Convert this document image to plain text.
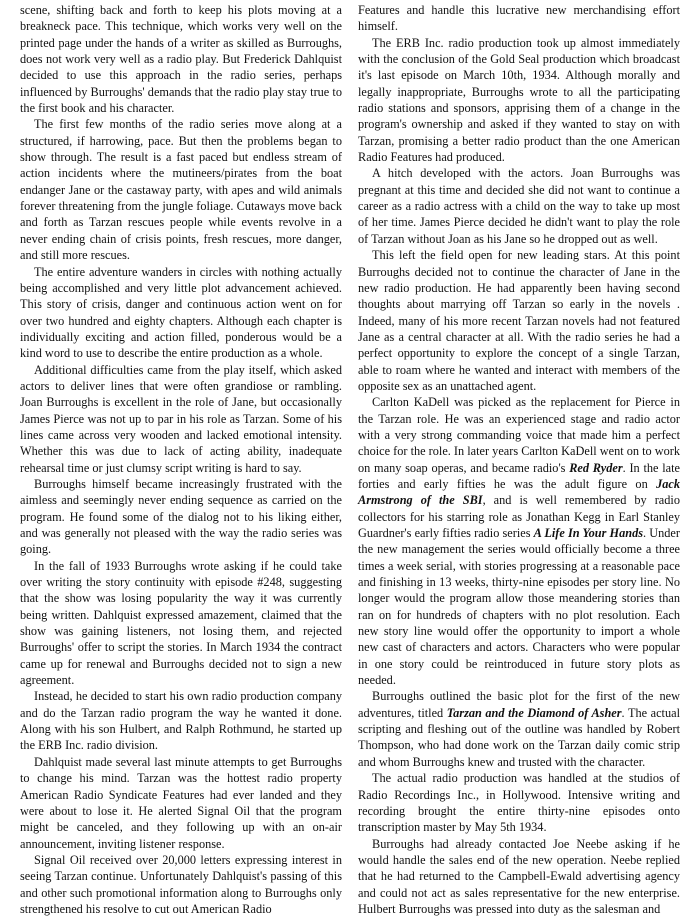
scene, shifting back and forth to keep his plots moving at a breakneck pace. This technique, which works very well on the printed page under the hands of a writer as skilled as Burroughs, does not work very well as a radio play. But Frederick Dahlquist decided to use this approach in the radio series, perhaps influenced by Burroughs' demands that the radio play stay true to the first book and his character.

The first few months of the radio series move along at a structured, if harrowing, pace. But then the problems began to show through. The result is a fast paced but endless stream of action incidents where the mutineers/pirates from the boat endanger Jane or the castaway party, with apes and wild animals forever threatening from the jungle foliage. Cutaways move back and forth as Tarzan rescues people while events revolve in a never ending chain of crisis points, fresh rescues, more danger, and still more rescues.

The entire adventure wanders in circles with nothing actually being accomplished and very little plot advancement achieved. This story of crisis, danger and continuous action went on for over two hundred and eighty chapters. Although each chapter is individually exciting and action filled, ponderous would be a kind word to use to describe the entire production as a whole.

Additional difficulties came from the play itself, which asked actors to deliver lines that were often grandiose or rambling. Joan Burroughs is excellent in the role of Jane, but occasionally James Pierce was not up to par in his role as Tarzan. Some of his lines came across very wooden and lacked emotional intensity. Whether this was due to lack of acting ability, inadequate rehearsal time or just clumsy script writing is hard to say.

Burroughs himself became increasingly frustrated with the aimless and seemingly never ending sequence as carried on the program. He found some of the dialog not to his liking either, and was generally not pleased with the way the radio series was going.

In the fall of 1933 Burroughs wrote asking if he could take over writing the story continuity with episode #248, suggesting that the show was losing popularity the way it was currently being written. Dahlquist expressed amazement, claimed that the show was gaining listeners, not losing them, and rejected Burroughs' offer to script the stories. In March 1934 the contract came up for renewal and Burroughs decided not to sign a new agreement.

Instead, he decided to start his own radio production company and do the Tarzan radio program the way he wanted it done. Along with his son Hulbert, and Ralph Rothmund, he started up the ERB Inc. radio division.

Dahlquist made several last minute attempts to get Burroughs to change his mind. Tarzan was the hottest radio property American Radio Syndicate Features had ever landed and they were about to lose it. He alerted Signal Oil that the program might be canceled, and they following up with an on-air announcement, inviting listener response.

Signal Oil received over 20,000 letters expressing interest in seeing Tarzan continue. Unfortunately Dahlquist's passing of this and other such promotional information along to Burroughs only strengthened his resolve to cut out American Radio

Features and handle this lucrative new merchandising effort himself.

The ERB Inc. radio production took up almost immediately with the conclusion of the Gold Seal production which broadcast it's last episode on March 10th, 1934. Although morally and legally inappropriate, Burroughs wrote to all the participating radio stations and sponsors, apprising them of a change in the program's ownership and asked if they wanted to stay on with Tarzan, promising a better radio product than the one American Radio Features had produced.

A hitch developed with the actors. Joan Burroughs was pregnant at this time and decided she did not want to continue a career as a radio actress with a child on the way to take up most of her time. James Pierce decided he didn't want to play the role of Tarzan without Joan as his Jane so he dropped out as well.

This left the field open for new leading stars. At this point Burroughs decided not to continue the character of Jane in the new radio production. He had apparently been having second thoughts about marrying off Tarzan so early in the novels . Indeed, many of his more recent Tarzan novels had not featured Jane as a central character at all. With the radio series he had a perfect opportunity to explore the concept of a single Tarzan, able to roam where he wanted and interact with members of the opposite sex as an unattached agent.

Carlton KaDell was picked as the replacement for Pierce in the Tarzan role. He was an experienced stage and radio actor with a very strong commanding voice that made him a perfect choice for the role. In later years Carlton KaDell went on to work on many soap operas, and became radio's Red Ryder. In the late forties and early fifties he was the adult figure on Jack Armstrong of the SBI, and is well remembered by radio collectors for his starring role as Jonathan Kegg in Earl Stanley Guardner's early fifties radio series A Life In Your Hands. Under the new management the series would officially become a three times a week serial, with stories progressing at a reasonable pace and finishing in 13 weeks, thirty-nine episodes per story line. No longer would the program allow those meandering stories than ran on for hundreds of chapters with no plot resolution. Each new story line would offer the opportunity to import a whole new cast of characters and actors. Characters who were popular in one story could be reintroduced in future story plots as needed.

Burroughs outlined the basic plot for the first of the new adventures, titled Tarzan and the Diamond of Asher. The actual scripting and fleshing out of the outline was handled by Robert Thompson, who had done work on the Tarzan daily comic strip and whom Burroughs knew and trusted with the character.

The actual radio production was handled at the studios of Radio Recordings Inc., in Hollywood. Intensive writing and recording brought the entire thirty-nine episodes onto transcription master by May 5th 1934.

Burroughs had already contacted Joe Neebe asking if he would handle the sales end of the new operation. Neebe replied that he had returned to the Campbell-Ewald advertising agency and could not act as sales representative for the new enterprise. Hulbert Burroughs was pressed into duty as the salesman and
